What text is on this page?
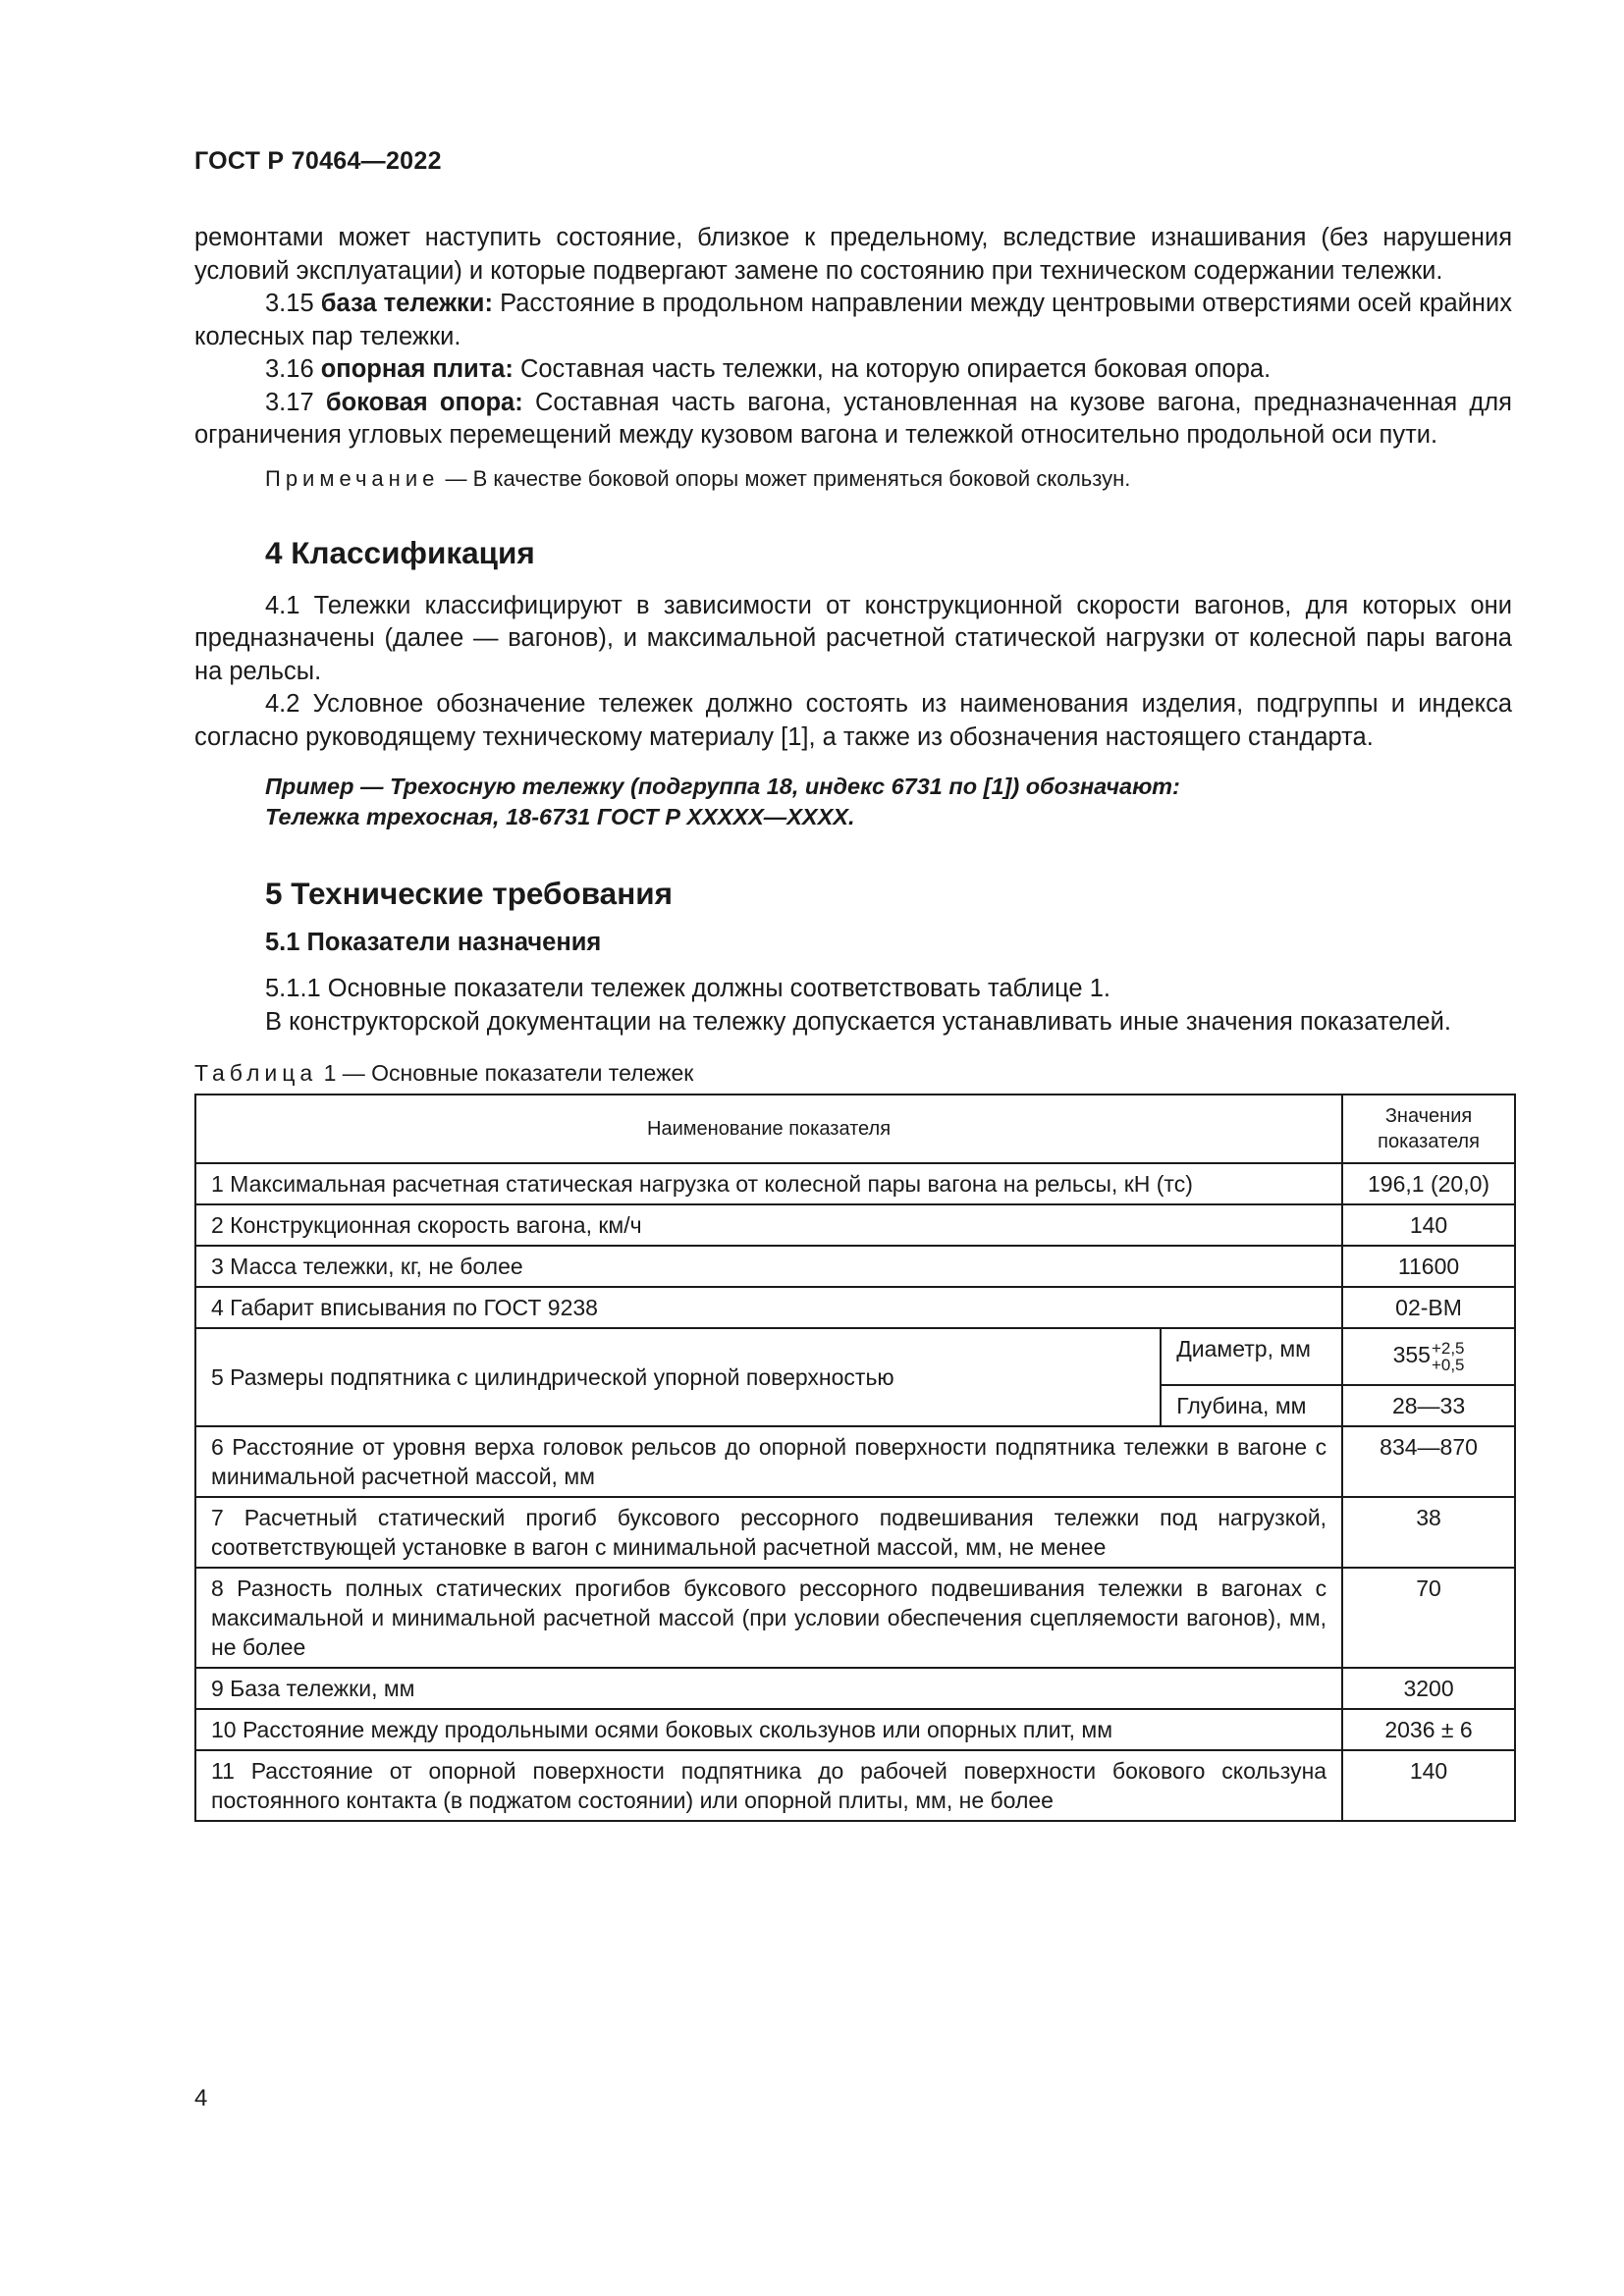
ГОСТ Р 70464—2022

ремонтами может наступить состояние, близкое к предельному, вследствие изнашивания (без нарушения условий эксплуатации) и которые подвергают замене по состоянию при техническом содержании тележки.

3.15 база тележки: Расстояние в продольном направлении между центровыми отверстиями осей крайних колесных пар тележки.

3.16 опорная плита: Составная часть тележки, на которую опирается боковая опора.

3.17 боковая опора: Составная часть вагона, установленная на кузове вагона, предназначенная для ограничения угловых перемещений между кузовом вагона и тележкой относительно продольной оси пути.

Примечание — В качестве боковой опоры может применяться боковой скользун.

4 Классификация

4.1 Тележки классифицируют в зависимости от конструкционной скорости вагонов, для которых они предназначены (далее — вагонов), и максимальной расчетной статической нагрузки от колесной пары вагона на рельсы.

4.2 Условное обозначение тележек должно состоять из наименования изделия, подгруппы и индекса согласно руководящему техническому материалу [1], а также из обозначения настоящего стандарта.

Пример — Трехосную тележку (подгруппа 18, индекс 6731 по [1]) обозначают:

Тележка трехосная, 18-6731 ГОСТ Р XXXXX—XXXX.

5 Технические требования
5.1 Показатели назначения

5.1.1 Основные показатели тележек должны соответствовать таблице 1.

В конструкторской документации на тележку допускается устанавливать иные значения показателей.

Таблица 1 — Основные показатели тележек

Наименование показателя		Значения
показателя
1 Максимальная расчетная статическая нагрузка от колесной пары вагона на рельсы, кН (тс)		196,1 (20,0)
2 Конструкционная скорость вагона, км/ч		140
3 Масса тележки, кг, не более		11600
4 Габарит вписывания по ГОСТ 9238		02-ВМ
5 Размеры подпятника с цилиндрической упорной поверхностью	Диаметр, мм	355 +2,5
+0,5

	Глубина, мм	28—33
6 Расстояние от уровня верха головок рельсов до опорной поверхности подпятника тележки в вагоне с минимальной расчетной массой, мм		834—870
7 Расчетный статический прогиб буксового рессорного подвешивания тележки под нагрузкой, соответствующей установке в вагон с минимальной расчетной массой, мм, не менее		38
8 Разность полных статических прогибов буксового рессорного подвешивания тележки в вагонах с максимальной и минимальной расчетной массой (при условии обеспечения сцепляемости вагонов), мм, не более		70
9 База тележки, мм		3200
10 Расстояние между продольными осями боковых скользунов или опорных плит, мм		2036 ± 6
11 Расстояние от опорной поверхности подпятника до рабочей поверхности бокового скользуна постоянного контакта (в поджатом состоянии) или опорной плиты, мм, не более		140
4
